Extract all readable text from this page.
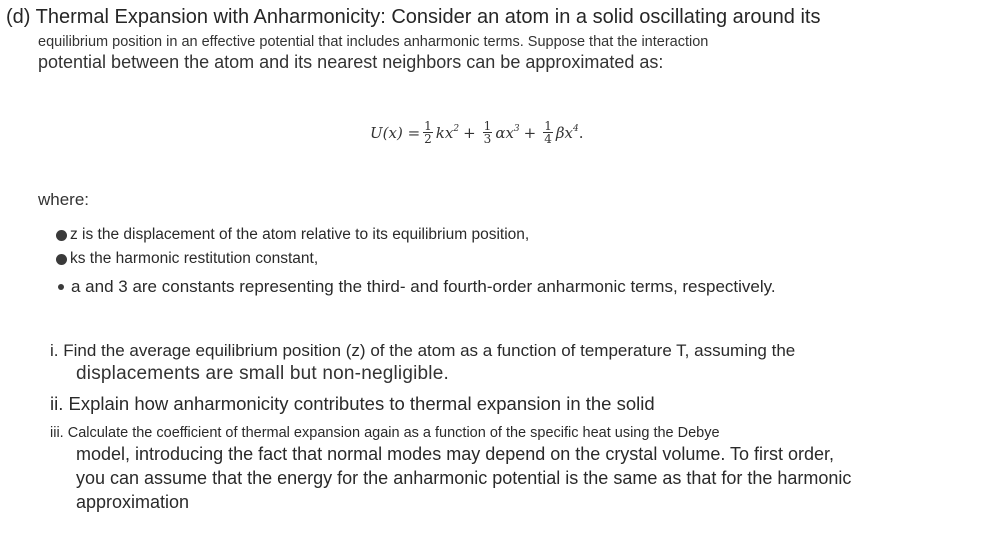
(d) Thermal Expansion with Anharmonicity: Consider an atom in a solid oscillating around its
equilibrium position in an effective potential that includes anharmonic terms. Suppose that the interaction
potential between the atom and its nearest neighbors can be approximated as:
$U(x) = \frac{1}{2} kx^2 + \frac{1}{3} \alpha x^3 + \frac{1}{4} \beta x^4$ .
where:
z is the displacement of the atom relative to its equilibrium position,
ks the harmonic restitution constant,
a and 3 are constants representing the third- and fourth-order anharmonic terms, respectively.
i. Find the average equilibrium position (z) of the atom as a function of temperature T, assuming the
displacements are small but non-negligible.
ii. Explain how anharmonicity contributes to thermal expansion in the solid
iii. Calculate the coefficient of thermal expansion again as a function of the specific heat using the Debye
model, introducing the fact that normal modes may depend on the crystal volume. To first order,
you can assume that the energy for the anharmonic potential is the same as that for the harmonic
approximation
